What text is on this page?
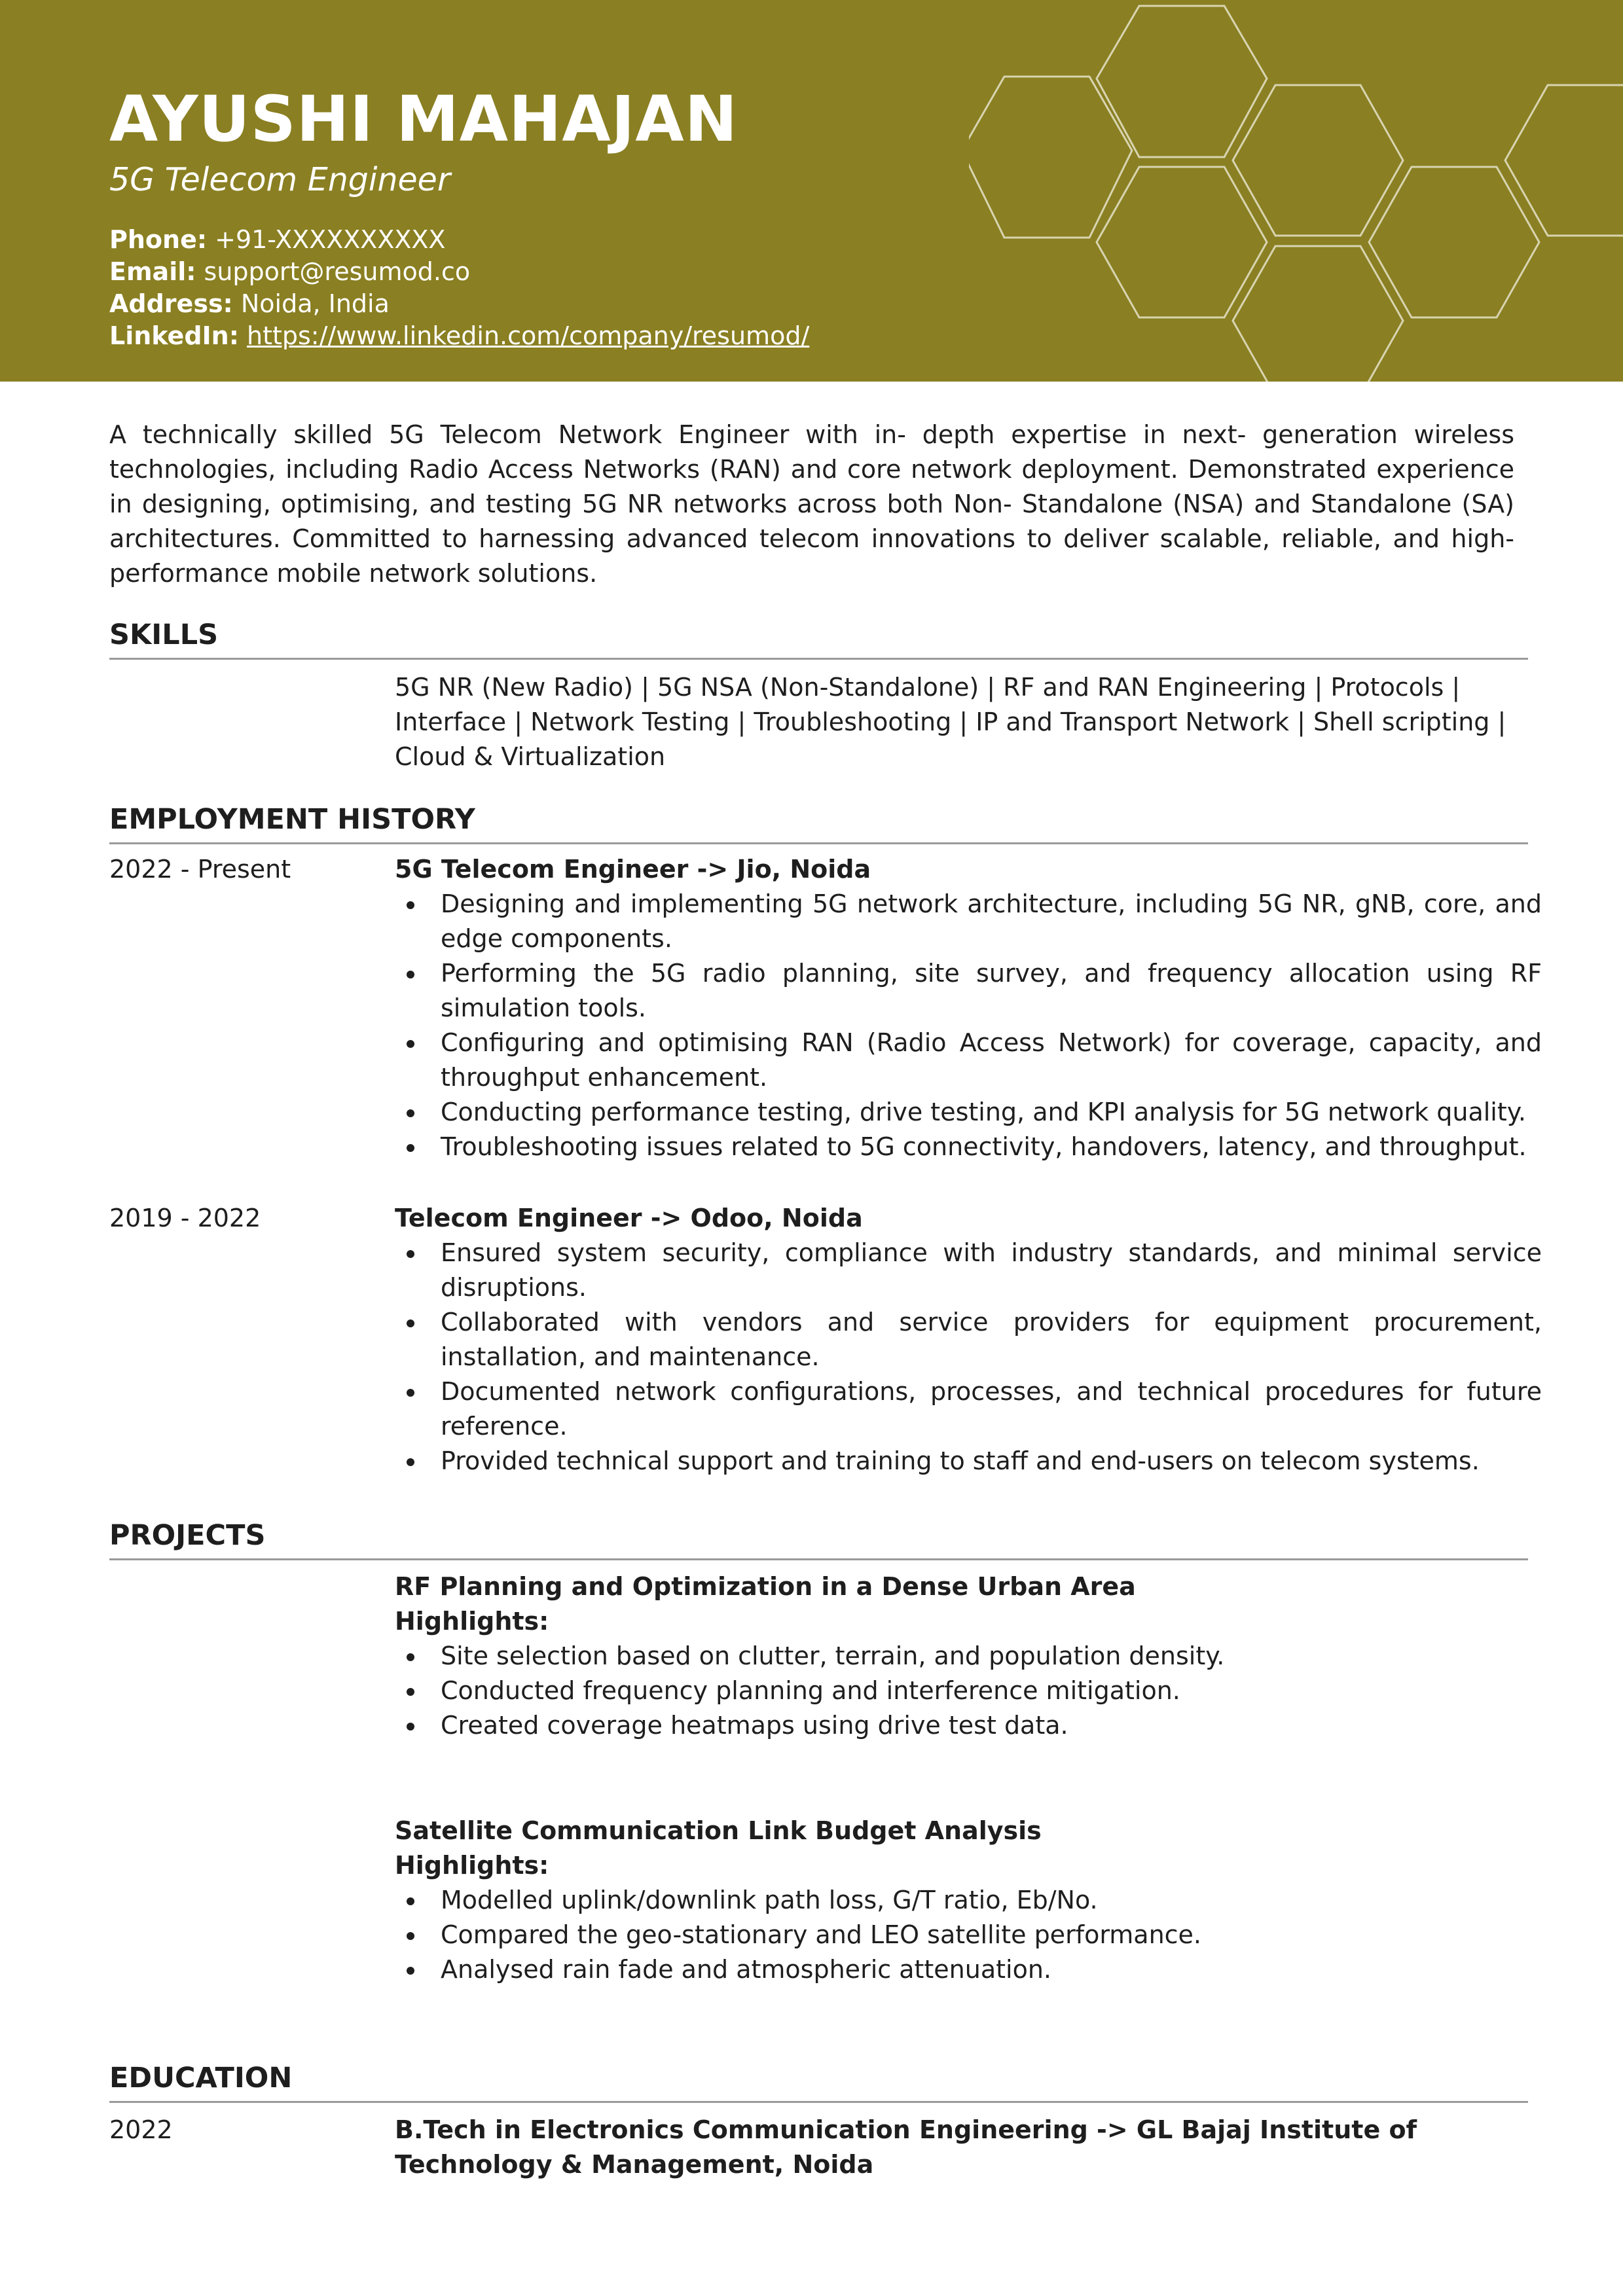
AYUSHI MAHAJAN
5G Telecom Engineer
Phone: +91-XXXXXXXXXX
Email: support@resumod.co
Address: Noida, India
LinkedIn: https://www.linkedin.com/company/resumod/

A technically skilled 5G Telecom Network Engineer with in- depth expertise in next- generation wireless technologies, including Radio Access Networks (RAN) and core network deployment. Demonstrated experience in designing, optimising, and testing 5G NR networks across both Non- Standalone (NSA) and Standalone (SA) architectures. Committed to harnessing advanced telecom innovations to deliver scalable, reliable, and high-performance mobile network solutions.

SKILLS
5G NR (New Radio) | 5G NSA (Non-Standalone) | RF and RAN Engineering | Protocols | Interface | Network Testing | Troubleshooting | IP and Transport Network | Shell scripting | Cloud & Virtualization
EMPLOYMENT HISTORY
2022 - Present	5G Telecom Engineer -> Jio, Noida
Designing and implementing 5G network architecture, including 5G NR, gNB, core, and edge components.
Performing the 5G radio planning, site survey, and frequency allocation using RF simulation tools.
Configuring and optimising RAN (Radio Access Network) for coverage, capacity, and throughput enhancement.
Conducting performance testing, drive testing, and KPI analysis for 5G network quality.
Troubleshooting issues related to 5G connectivity, handovers, latency, and throughput.
2019 - 2022	Telecom Engineer -> Odoo, Noida
Ensured system security, compliance with industry standards, and minimal service disruptions.
Collaborated with vendors and service providers for equipment procurement, installation, and maintenance.
Documented network configurations, processes, and technical procedures for future reference.
Provided technical support and training to staff and end-users on telecom systems.
PROJECTS
RF Planning and Optimization in a Dense Urban Area
Highlights:
Site selection based on clutter, terrain, and population density.
Conducted frequency planning and interference mitigation.
Created coverage heatmaps using drive test data.
Satellite Communication Link Budget Analysis
Highlights:
Modelled uplink/downlink path loss, G/T ratio, Eb/No.
Compared the geo-stationary and LEO satellite performance.
Analysed rain fade and atmospheric attenuation.
EDUCATION
2022	B.Tech in Electronics Communication Engineering -> GL Bajaj Institute of Technology & Management, Noida
